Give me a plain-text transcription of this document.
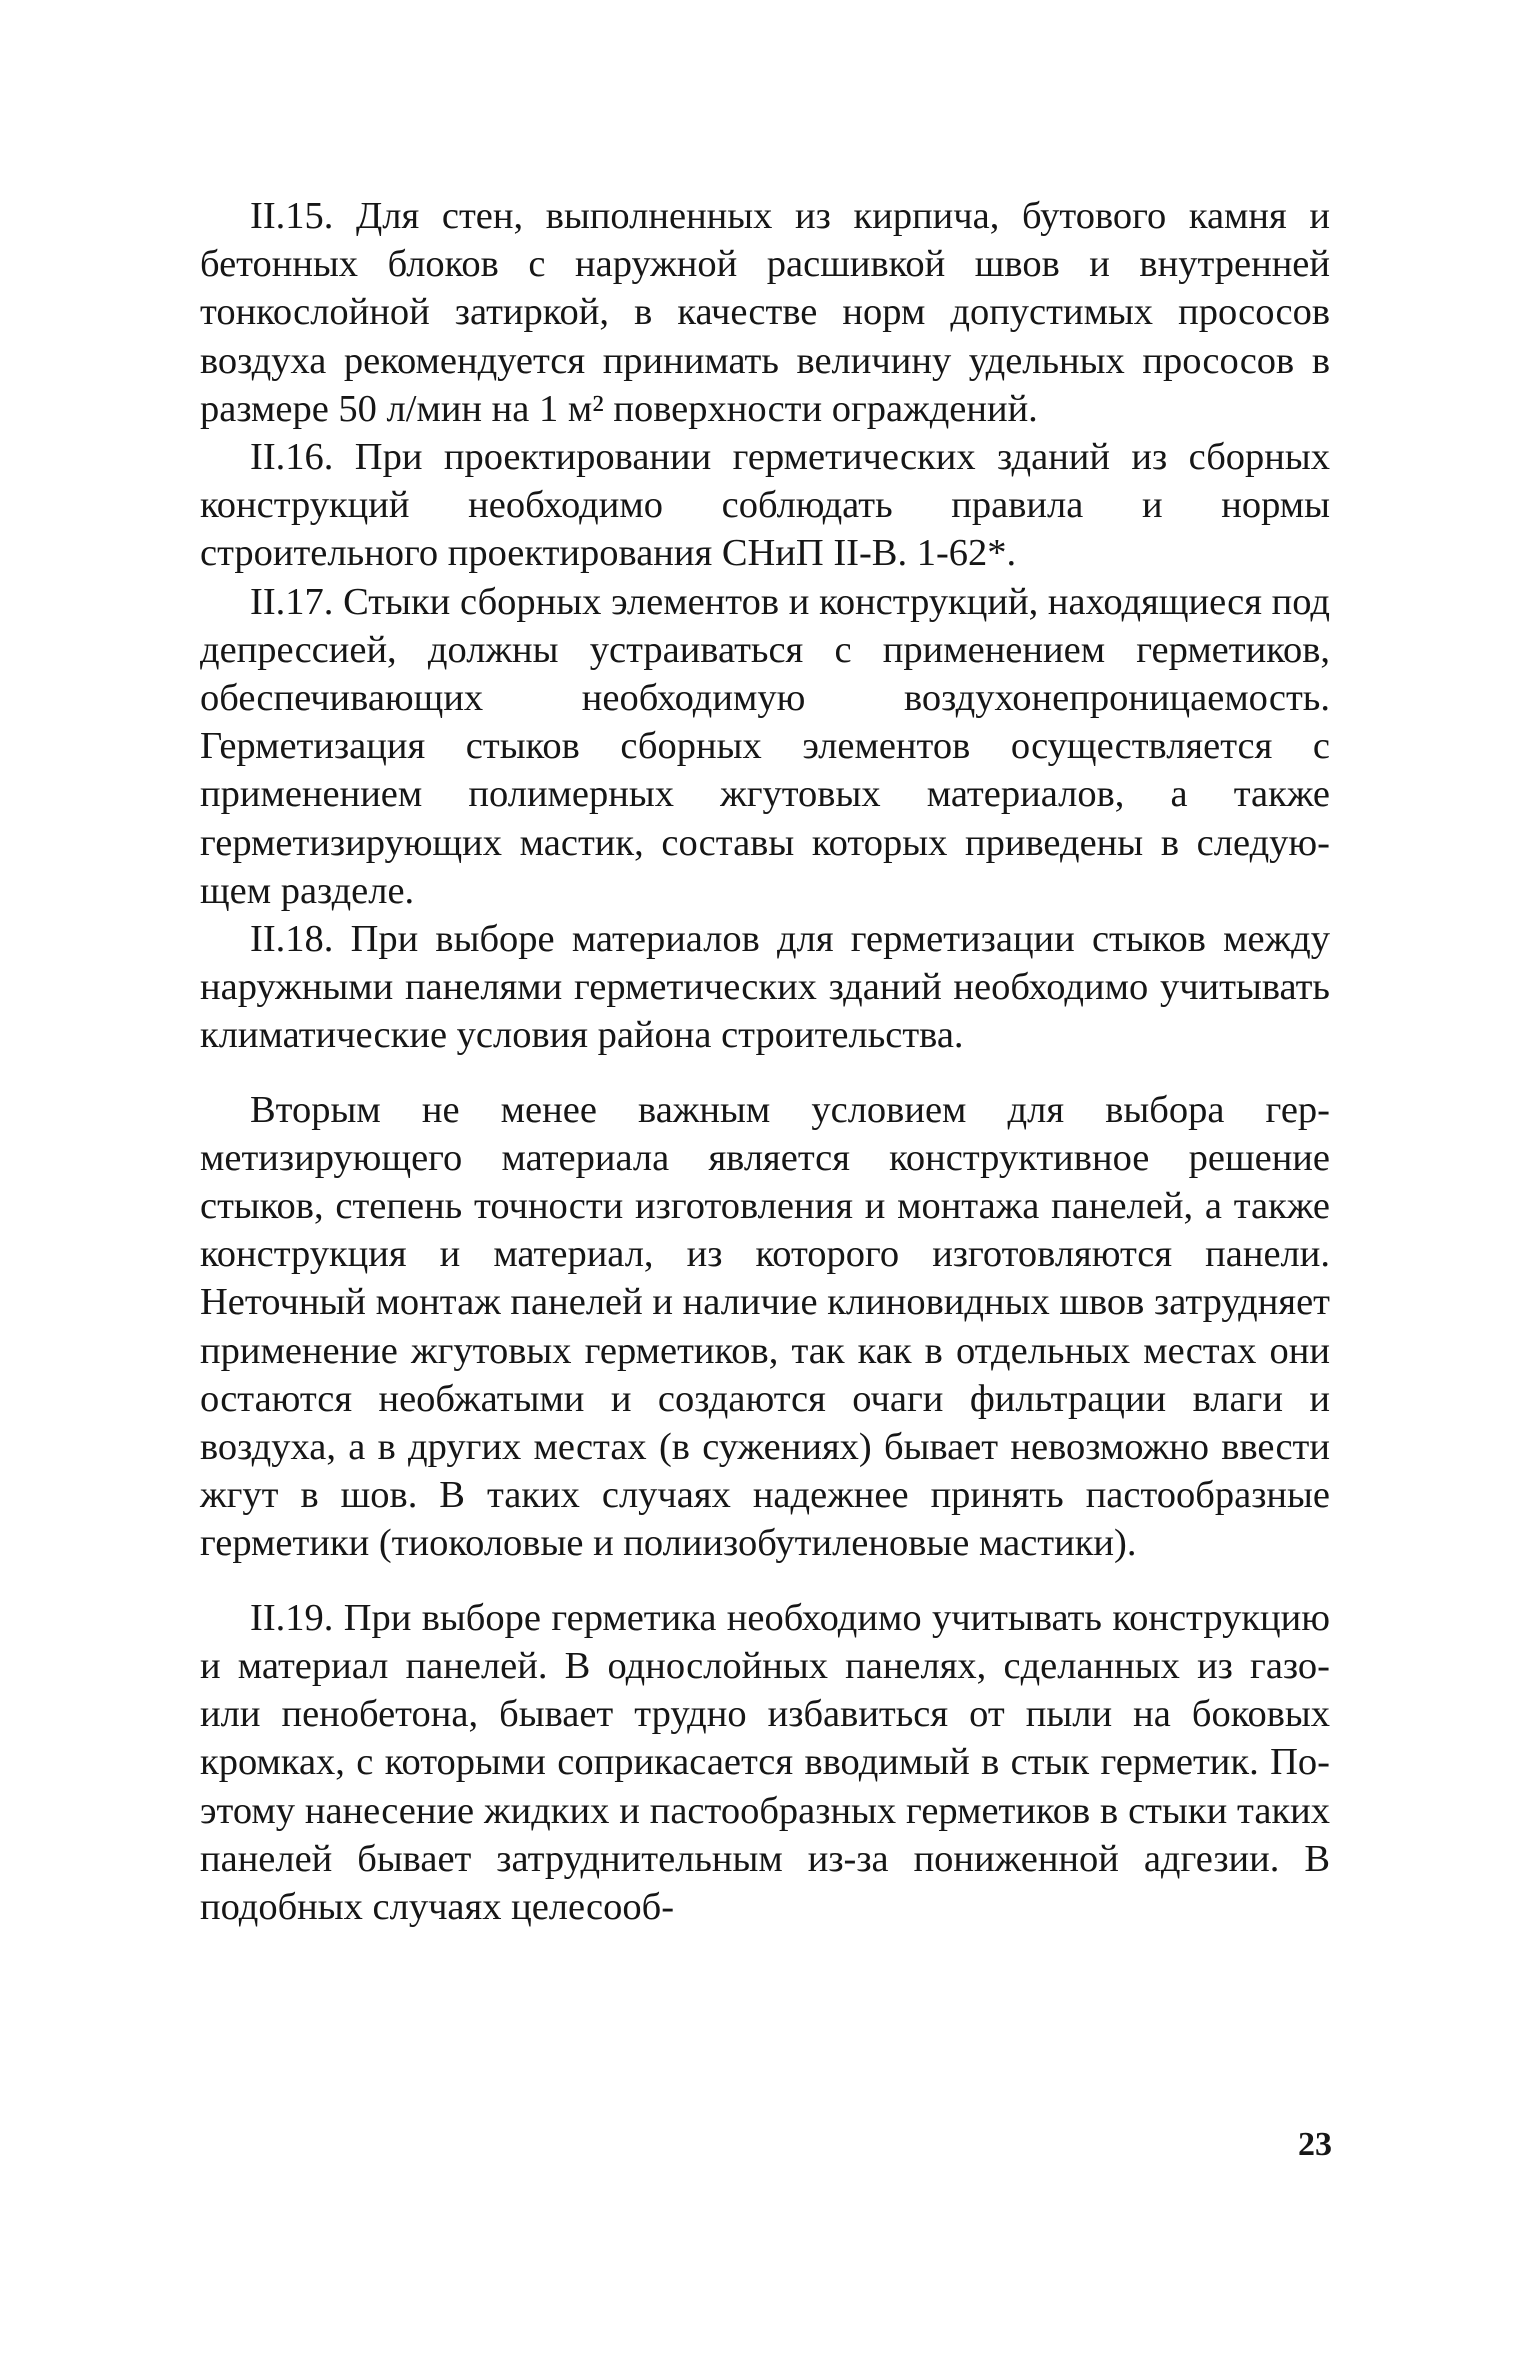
II.15. Для стен, выполненных из кирпича, бутового камня и бетонных блоков с наружной расшивкой швов и внутренней тонкослойной затиркой, в качестве норм допустимых прососов воздуха рекомендуется принимать величину удельных прососов в размере 50 л/мин на 1 м² поверхности ограждений.

II.16. При проектировании герметических зданий из сборных конструкций необходимо соблюдать правила и нормы строительного проектирования СНиП II-В. 1-62*.

II.17. Стыки сборных элементов и конструкций, находящиеся под депрессией, должны устраиваться с применением герметиков, обеспечивающих необходимую воздухонепроницаемость. Герметизация стыков сборных элементов осуществляется с применением полимерных жгутовых материалов, а также герметизирующих мастик, составы которых приведены в следующем разделе.

II.18. При выборе материалов для герметизации стыков между наружными панелями герметических зданий необходимо учитывать климатические условия района строительства.

Вторым не менее важным условием для выбора герметизирующего материала является конструктивное решение стыков, степень точности изготовления и монтажа панелей, а также конструкция и материал, из которого изготовляются панели. Неточный монтаж панелей и наличие клиновидных швов затрудняет применение жгутовых герметиков, так как в отдельных местах они остаются необжатыми и создаются очаги фильтрации влаги и воздуха, а в других местах (в сужениях) бывает невозможно ввести жгут в шов. В таких случаях надежнее принять пастообразные герметики (тиоколовые и полиизобутиленовые мастики).

II.19. При выборе герметика необходимо учитывать конструкцию и материал панелей. В однослойных панелях, сделанных из газо- или пенобетона, бывает трудно избавиться от пыли на боковых кромках, с которыми соприкасается вводимый в стык герметик. Поэтому нанесение жидких и пастообразных герметиков в стыки таких панелей бывает затруднительным из-за пониженной адгезии. В подобных случаях целесооб-

23
